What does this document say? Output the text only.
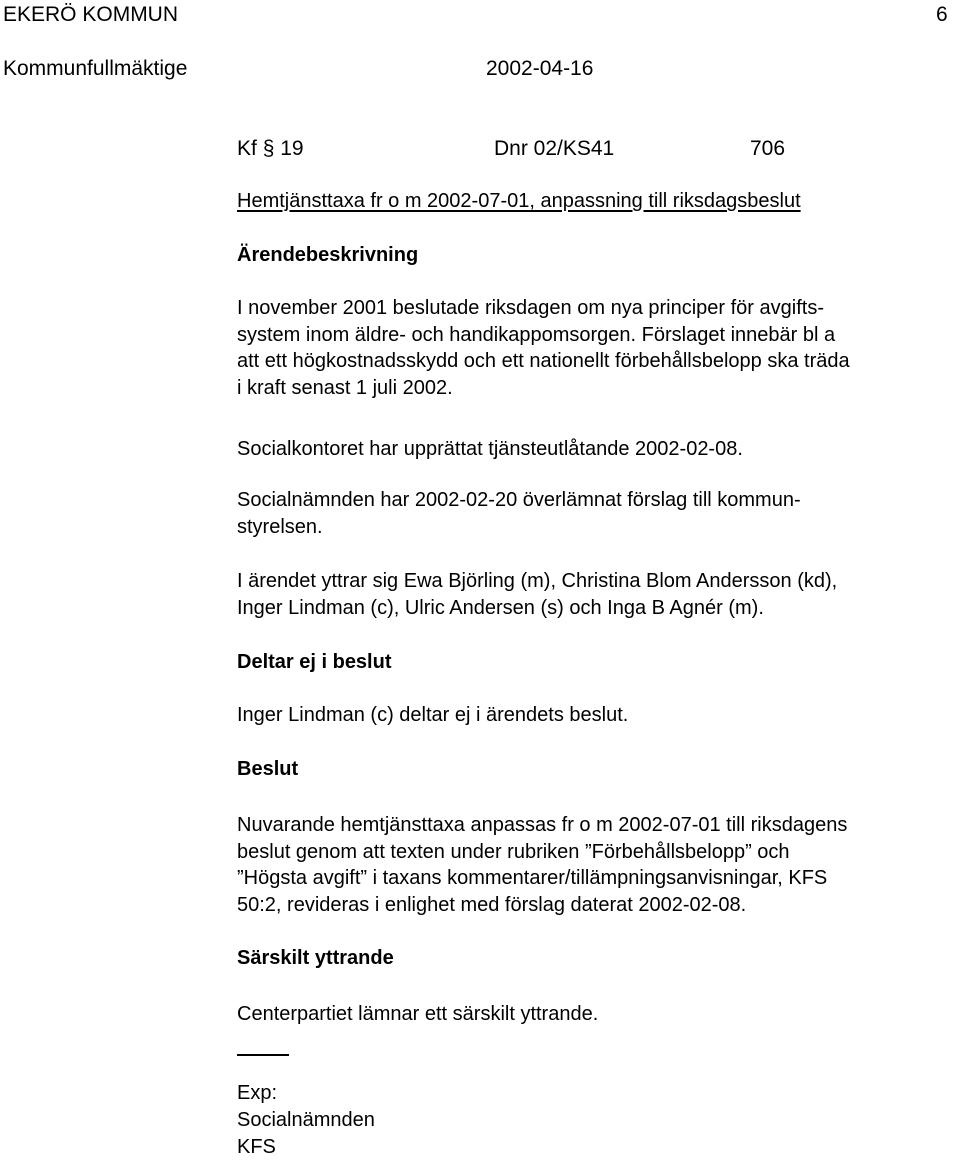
EKERÖ KOMMUN	6
Kommunfullmäktige	2002-04-16
Kf § 19	Dnr 02/KS41	706
Hemtjänsttaxa fr o m 2002-07-01, anpassning till riksdagsbeslut
Ärendebeskrivning
I november 2001 beslutade riksdagen om nya principer för avgifts-
system inom äldre- och handikappomsorgen. Förslaget innebär bl a
att ett högkostnadsskydd och ett nationellt förbehållsbelopp ska träda
i kraft senast 1 juli 2002.
Socialkontoret har upprättat tjänsteutlåtande 2002-02-08.
Socialnämnden har 2002-02-20 överlämnat förslag till kommun-
styrelsen.
I ärendet yttrar sig Ewa Björling (m), Christina Blom Andersson (kd),
Inger Lindman (c), Ulric Andersen (s) och Inga B Agnér (m).
Deltar ej i beslut
Inger Lindman (c) deltar ej i ärendets beslut.
Beslut
Nuvarande hemtjänsttaxa anpassas fr o m 2002-07-01 till riksdagens
beslut genom att texten under rubriken ”Förbehållsbelopp” och
”Högsta avgift” i taxans kommentarer/tillämpningsanvisningar, KFS
50:2, revideras i enlighet med förslag daterat 2002-02-08.
Särskilt yttrande
Centerpartiet lämnar ett särskilt yttrande.
Exp:
Socialnämnden
KFS
